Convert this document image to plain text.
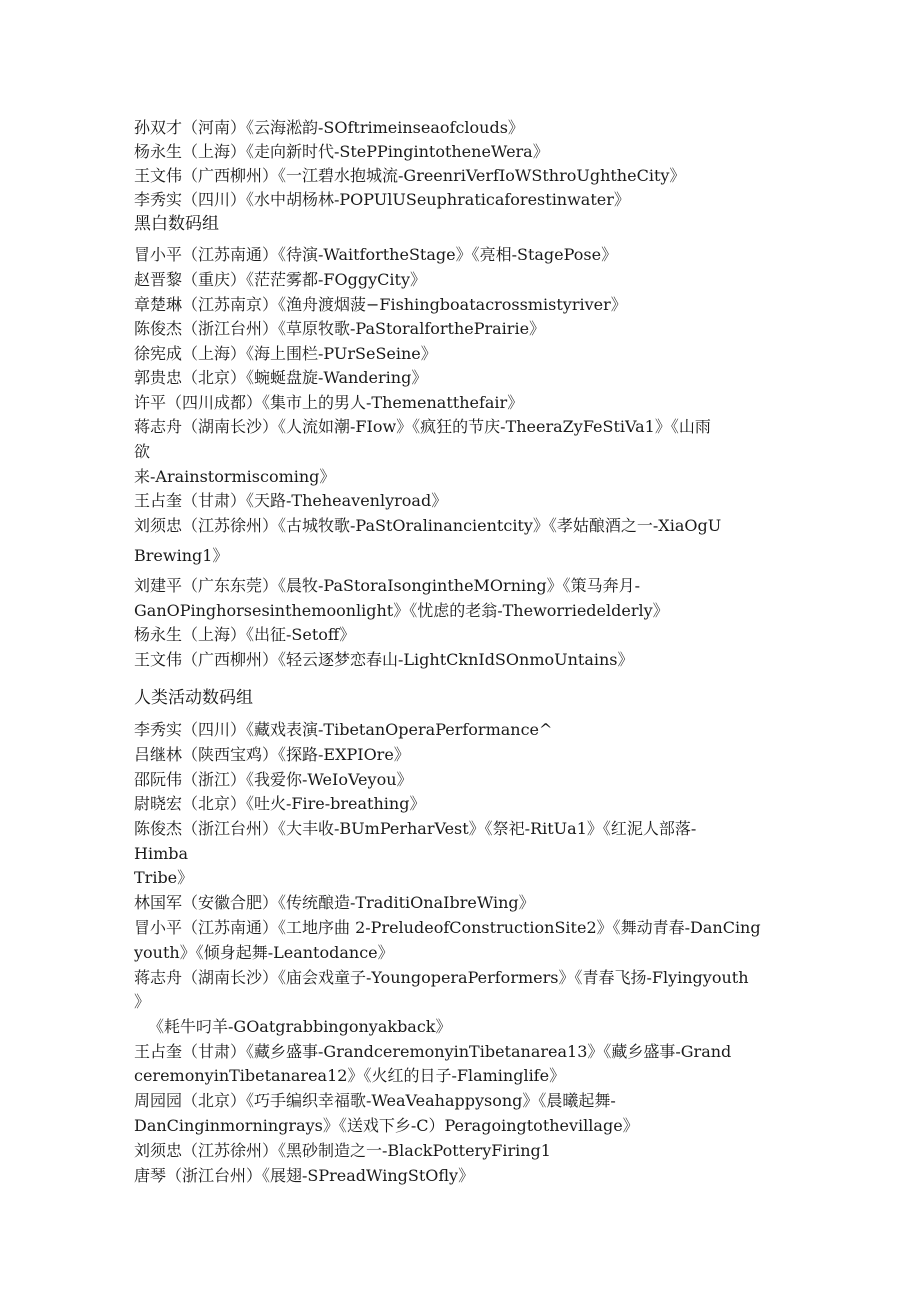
孙双才（河南）《云海淞韵-SOftrimeinseaofclouds》
杨永生（上海）《走向新时代-StePPingintotheneWera》
王文伟（广西柳州）《一江碧水抱城流-GreenriVerfIoWSthroUghtheCity》
李秀实（四川）《水中胡杨林-POPUlUSeuphraticaforestinwater》
黑白数码组
冒小平（江苏南通）《待演-WaitfortheStage》《亮相-StagePose》
赵晋黎（重庆）《茫茫雾都-FOggyCity》
章楚琳（江苏南京）《渔舟渡烟菠−Fishingboatacrossmistyriver》
陈俊杰（浙江台州）《草原牧歌-PaStoralforthePrairie》
徐宪成（上海）《海上围栏-PUrSeSeine》
郭贵忠（北京）《蜿蜒盘旋-Wandering》
许平（四川成都）《集市上的男人-Themenatthefair》
蒋志舟（湖南长沙）《人流如潮-FIow》《疯狂的节庆-TheeraZyFeStiVa1》《山雨
欲
来-Arainstormiscoming》
王占奎（甘肃）《天路-Theheavenlyroad》
刘须忠（江苏徐州）《古城牧歌-PaStOralinancientcity》《孝姑酿酒之一-XiaOgU
Brewing1》
刘建平（广东东莞）《晨牧-PaStoraIsongintheMOrning》《策马奔月-
GanOPinghorsesinthemoonlight》《忧虑的老翁-Theworriedelderly》
杨永生（上海）《出征-Setoff》
王文伟（广西柳州）《轻云逐梦恋春山-LightCknIdSOnmoUntains》
人类活动数码组
李秀实（四川）《藏戏表演-TibetanOperaPerformance^
吕继林（陕西宝鸡）《探路-EXPIOre》
邵阮伟（浙江）《我爱你-WeIoVeyou》
尉晓宏（北京）《吐火-Fire-breathing》
陈俊杰（浙江台州）《大丰收-BUmPerharVest》《祭祀-RitUa1》《红泥人部落-
Himba
Tribe》
林国军（安徽合肥）《传统酿造-TraditiOnaIbreWing》
冒小平（江苏南通）《工地序曲 2-PreludeofConstructionSite2》《舞动青春-DanCing
youth》《倾身起舞-Leantodance》
蒋志舟（湖南长沙）《庙会戏童子-YoungoperaPerformers》《青春飞扬-Flyingyouth
》
《耗牛叼羊-GOatgrabbingonyakback》
王占奎（甘肃）《藏乡盛事-GrandceremonyinTibetanarea13》《藏乡盛事-Grand
ceremonyinTibetanarea12》《火红的日子-Flaminglife》
周园园（北京）《巧手编织幸福歌-WeaVeahappysong》《晨曦起舞-
DanCinginmorningrays》《送戏下乡-C）Peragoingtothevillage》
刘须忠（江苏徐州）《黑砂制造之一-BlackPotteryFiring1
唐琴（浙江台州）《展翅-SPreadWingStOfly》
